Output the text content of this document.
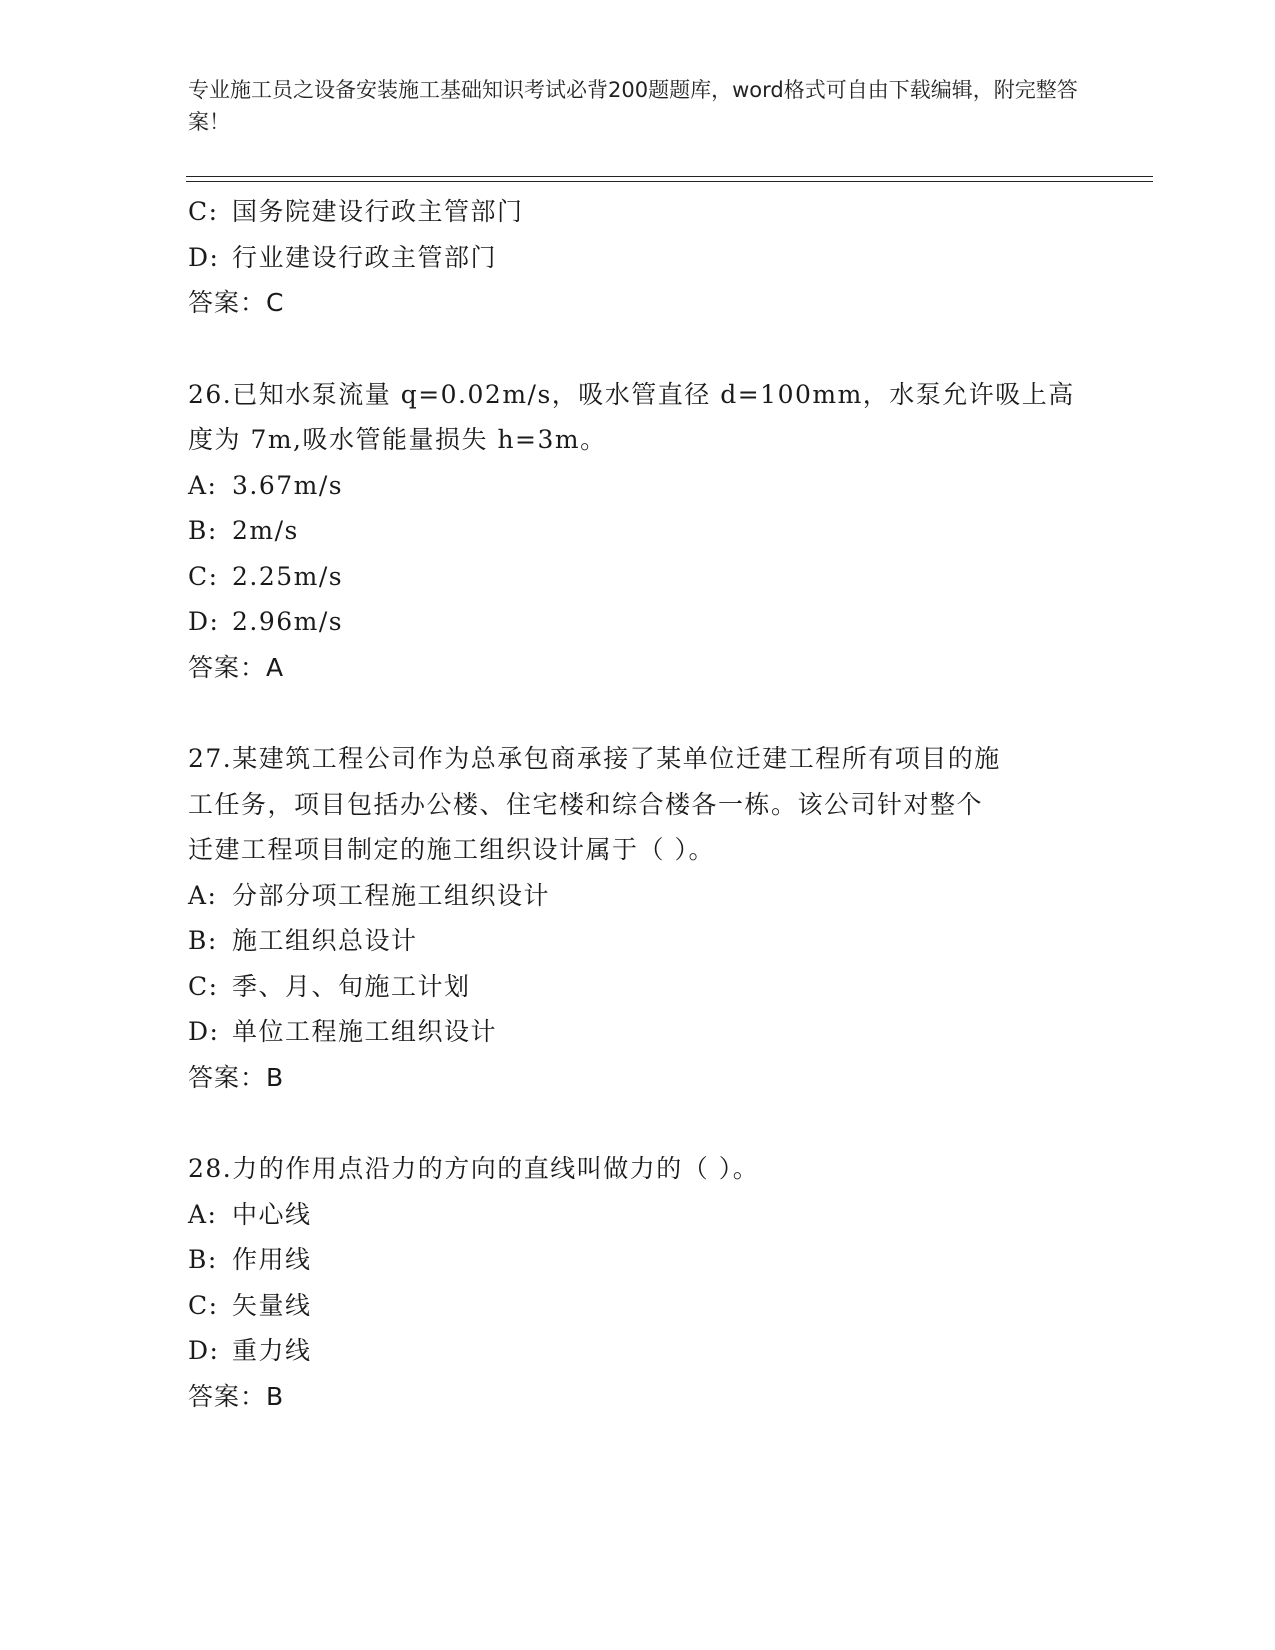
专业施工员之设备安装施工基础知识考试必背200题题库，word格式可自由下载编辑，附完整答案！
C: 国务院建设行政主管部门
D: 行业建设行政主管部门
答案：C
26.已知水泵流量 q=0.02m/s，吸水管直径 d=100mm，水泵允许吸上高
度为 7m,吸水管能量损失 h=3m。
A: 3.67m/s
B: 2m/s
C: 2.25m/s
D: 2.96m/s
答案：A
27.某建筑工程公司作为总承包商承接了某单位迁建工程所有项目的施
工任务，项目包括办公楼、住宅楼和综合楼各一栋。该公司针对整个
迁建工程项目制定的施工组织设计属于（ ）。
A: 分部分项工程施工组织设计
B: 施工组织总设计
C: 季、月、旬施工计划
D: 单位工程施工组织设计
答案：B
28.力的作用点沿力的方向的直线叫做力的（ ）。
A: 中心线
B: 作用线
C: 矢量线
D: 重力线
答案：B
